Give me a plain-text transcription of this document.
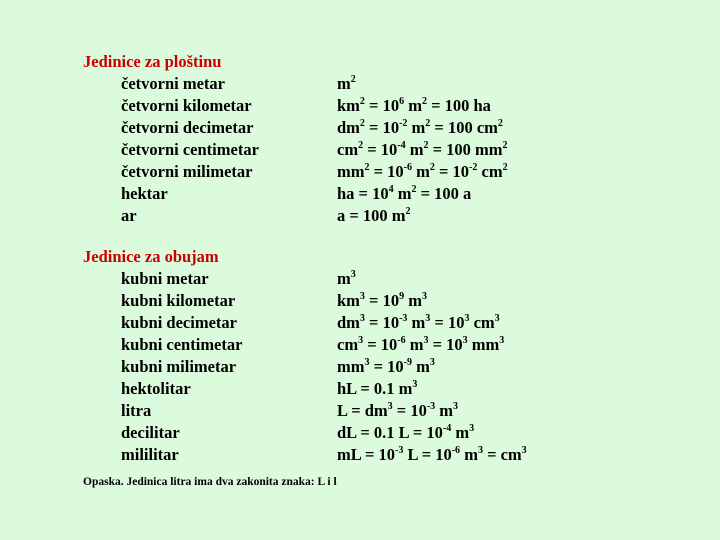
Jedinice za ploštinu
četvorni metar	$m^2$
četvorni kilometar	$km^2 = 10^6$ $m^2 = 100$ ha
četvorni decimetar	$dm^2 = 10^{-2}$ $m^2 = 100$ $cm^2$
četvorni centimetar	$cm^2 = 10^{-4}$ $m^2 = 100$ $mm^2$
četvorni milimetar	$mm^2 = 10^{-6}$ $m^2 = 10^{-2}$ $cm^2$
hektar	ha = $10^4$ $m^2 = 100$ a
ar	a = 100 $m^2$
Jedinice za obujam
kubni metar	$m^3$
kubni kilometar	$km^3 = 10^9$ $m^3$
kubni decimetar	$dm^3 = 10^{-3}$ $m^3 = 10^3$ $cm^3$
kubni centimetar	$cm^3 = 10^{-6}$ $m^3 = 10^3$ $mm^3$
kubni milimetar	$mm^3 = 10^{-9}$ $m^3$
hektolitar	hL = 0.1 $m^3$
litra	$L = dm^3 = 10^{-3}$ $m^3$
decilitar	dL = 0.1 $L = 10^{-4}$ $m^3$
mililitar	mL = $10^{-3}$ $L = 10^{-6}$ $m^3 = cm^3$
Opaska. Jedinica litra ima dva zakonita znaka: L i l
